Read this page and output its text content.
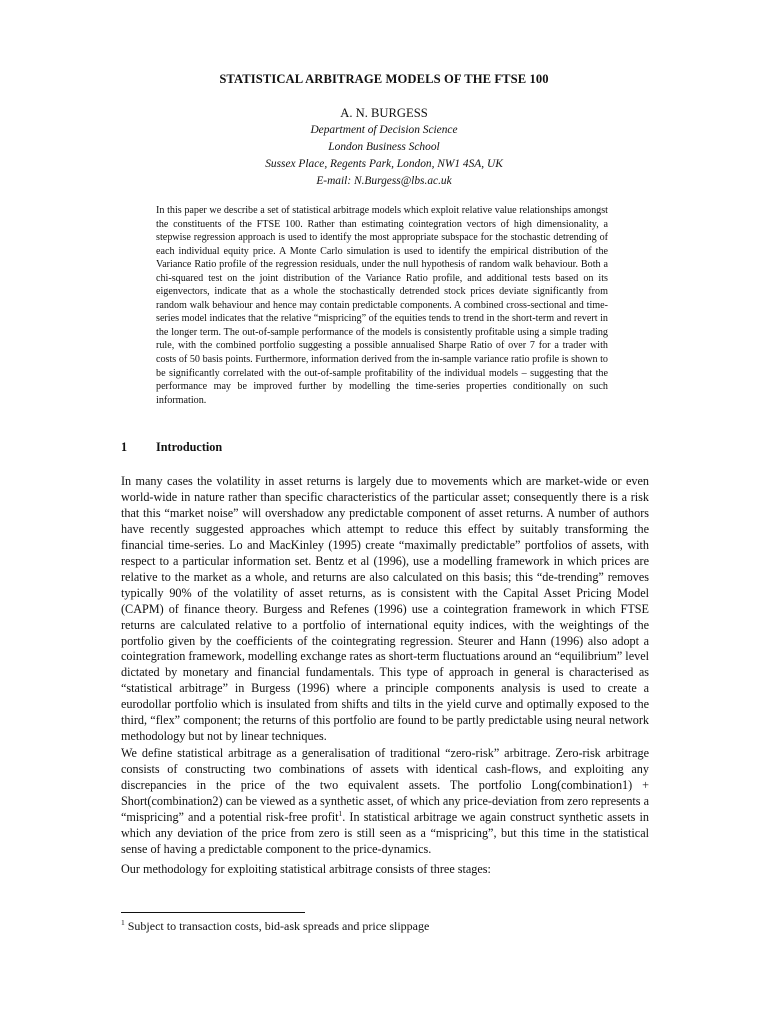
STATISTICAL ARBITRAGE MODELS OF THE FTSE 100
A. N. BURGESS
Department of Decision Science
London Business School
Sussex Place, Regents Park, London, NW1 4SA, UK
E-mail: N.Burgess@lbs.ac.uk
In this paper we describe a set of statistical arbitrage models which exploit relative value relationships amongst the constituents of the FTSE 100. Rather than estimating cointegration vectors of high dimensionality, a stepwise regression approach is used to identify the most appropriate subspace for the stochastic detrending of each individual equity price. A Monte Carlo simulation is used to identify the empirical distribution of the Variance Ratio profile of the regression residuals, under the null hypothesis of random walk behaviour. Both a chi-squared test on the joint distribution of the Variance Ratio profile, and additional tests based on its eigenvectors, indicate that as a whole the stochastically detrended stock prices deviate significantly from random walk behaviour and hence may contain predictable components. A combined cross-sectional and time-series model indicates that the relative “mispricing” of the equities tends to trend in the short-term and revert in the longer term. The out-of-sample performance of the models is consistently profitable using a simple trading rule, with the combined portfolio suggesting a possible annualised Sharpe Ratio of over 7 for a trader with costs of 50 basis points. Furthermore, information derived from the in-sample variance ratio profile is shown to be significantly correlated with the out-of-sample profitability of the individual models – suggesting that the performance may be improved further by modelling the time-series properties conditionally on such information.
1 Introduction

In many cases the volatility in asset returns is largely due to movements which are market-wide or even world-wide in nature rather than specific characteristics of the particular asset; consequently there is a risk that this “market noise” will overshadow any predictable component of asset returns. A number of authors have recently suggested approaches which attempt to reduce this effect by suitably transforming the financial time-series. Lo and MacKinley (1995) create “maximally predictable” portfolios of assets, with respect to a particular information set. Bentz et al (1996), use a modelling framework in which prices are relative to the market as a whole, and returns are also calculated on this basis; this “de-trending” removes typically 90% of the volatility of asset returns, as is consistent with the Capital Asset Pricing Model (CAPM) of finance theory. Burgess and Refenes (1996) use a cointegration framework in which FTSE returns are calculated relative to a portfolio of international equity indices, with the weightings of the portfolio given by the coefficients of the cointegrating regression. Steurer and Hann (1996) also adopt a cointegration framework, modelling exchange rates as short-term fluctuations around an “equilibrium” level dictated by monetary and financial fundamentals. This type of approach in general is characterised as “statistical arbitrage” in Burgess (1996) where a principle components analysis is used to create a eurodollar portfolio which is insulated from shifts and tilts in the yield curve and optimally exposed to the third, “flex” component; the returns of this portfolio are found to be partly predictable using neural network methodology but not by linear techniques.

We define statistical arbitrage as a generalisation of traditional “zero-risk” arbitrage. Zero-risk arbitrage consists of constructing two combinations of assets with identical cash-flows, and exploiting any discrepancies in the price of the two equivalent assets. The portfolio Long(combination1) + Short(combination2) can be viewed as a synthetic asset, of which any price-deviation from zero represents a “mispricing” and a potential risk-free profit$^1$. In statistical arbitrage we again construct synthetic assets in which any deviation of the price from zero is still seen as a “mispricing”, but this time in the statistical sense of having a predictable component to the price-dynamics.

Our methodology for exploiting statistical arbitrage consists of three stages:

$^1$ Subject to transaction costs, bid-ask spreads and price slippage
